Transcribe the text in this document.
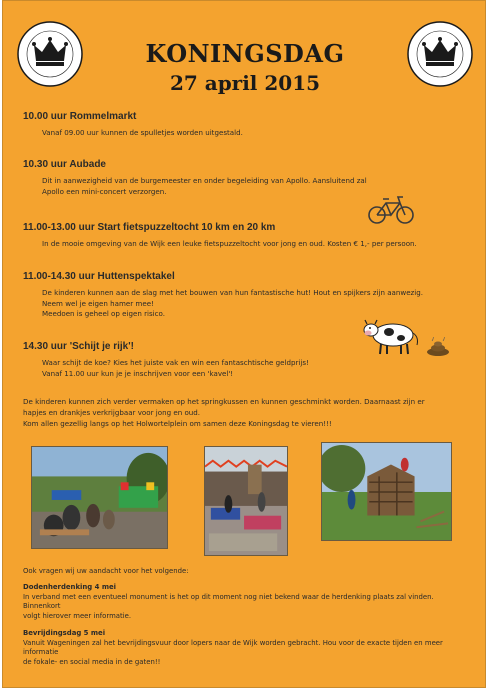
KONINGSDAG
27 april 2015
10.00 uur Rommelmarkt

Vanaf 09.00 uur kunnen de spulletjes worden uitgestald.

10.30 uur Aubade

Dit in aanwezigheid van de burgemeester en onder begeleiding van Apollo. Aansluitend zal

Apollo een mini-concert verzorgen.

11.00-13.00 uur Start fietspuzzeltocht 10 km en 20 km

In de mooie omgeving van de Wijk een leuke fietspuzzeltocht voor jong en oud. Kosten € 1,- per persoon.

11.00-14.30 uur Huttenspektakel

De kinderen kunnen aan de slag met het bouwen van hun fantastische hut! Hout en spijkers zijn aanwezig.

Neem wel je eigen hamer mee!

Meedoen is geheel op eigen risico.

14.30 uur 'Schijt je rijk'!

Waar schijt de koe? Kies het juiste vak en win een fantaschtische geldprijs!

Vanaf 11.00 uur kun je je inschrijven voor een 'kavel'!

De kinderen kunnen zich verder vermaken op het springkussen en kunnen geschminkt worden. Daarnaast zijn er
hapjes en drankjes verkrijgbaar voor jong en oud.
Kom allen gezellig langs op het Holwortelplein om samen deze Koningsdag te vieren!!!
Ook vragen wij uw aandacht voor het volgende:
Dodenherdenking 4 mei
In verband met een eventueel monument is het op dit moment nog niet bekend waar de herdenking plaats zal vinden. Binnenkort
volgt hierover meer informatie.
Bevrijdingsdag 5 mei
Vanuit Wageningen zal het bevrijdingsvuur door lopers naar de Wijk worden gebracht. Hou voor de exacte tijden en meer informatie
de fokale- en social media in de gaten!!
